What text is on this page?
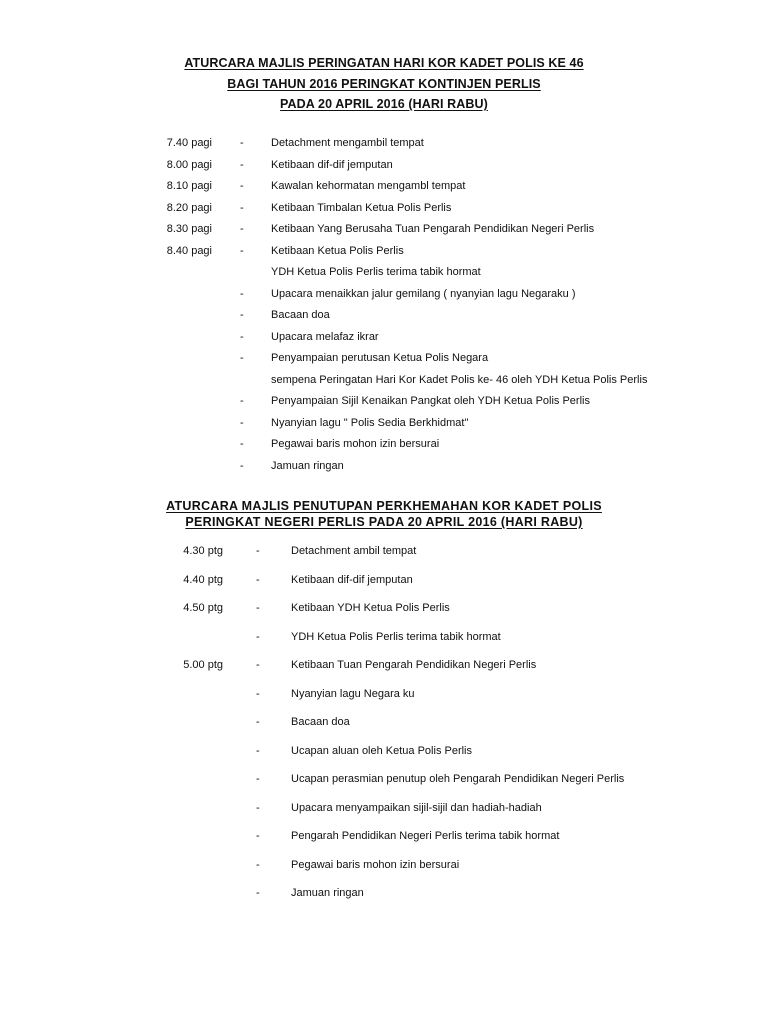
ATURCARA MAJLIS PERINGATAN HARI KOR KADET POLIS KE 46
BAGI TAHUN 2016 PERINGKAT KONTINJEN PERLIS
PADA 20 APRIL 2016 (HARI RABU)
7.40 pagi	- Detachment mengambil tempat
8.00 pagi	- Ketibaan dif-dif jemputan
8.10 pagi	- Kawalan kehormatan mengambl tempat
8.20 pagi	- Ketibaan Timbalan Ketua Polis Perlis
8.30 pagi	- Ketibaan Yang Berusaha Tuan Pengarah Pendidikan Negeri Perlis
8.40 pagi	- Ketibaan Ketua Polis Perlis
YDH Ketua Polis Perlis terima tabik hormat
- Upacara menaikkan jalur gemilang ( nyanyian lagu Negaraku )
- Bacaan doa
- Upacara melafaz ikrar
- Penyampaian perutusan Ketua Polis Negara
sempena Peringatan Hari Kor Kadet Polis ke- 46 oleh YDH Ketua Polis Perlis
- Penyampaian Sijil Kenaikan Pangkat oleh YDH Ketua Polis Perlis
- Nyanyian lagu " Polis Sedia Berkhidmat"
- Pegawai baris mohon izin bersurai
- Jamuan ringan
ATURCARA MAJLIS PENUTUPAN PERKHEMAHAN KOR KADET POLIS
PERINGKAT NEGERI PERLIS PADA 20 APRIL 2016 (HARI RABU)
4.30 ptg	-	Detachment ambil tempat
4.40 ptg	-	Ketibaan dif-dif jemputan
4.50 ptg	-	Ketibaan YDH Ketua Polis Perlis
-	YDH Ketua Polis Perlis terima tabik hormat
5.00 ptg	-	Ketibaan Tuan Pengarah Pendidikan Negeri Perlis
-	Nyanyian lagu Negara ku
-	Bacaan doa
-	Ucapan aluan oleh Ketua Polis Perlis
-	Ucapan perasmian penutup oleh Pengarah Pendidikan Negeri Perlis
-	Upacara menyampaikan sijil-sijil dan hadiah-hadiah
-	Pengarah Pendidikan Negeri Perlis terima tabik hormat
-	Pegawai baris mohon izin bersurai
-	Jamuan ringan
